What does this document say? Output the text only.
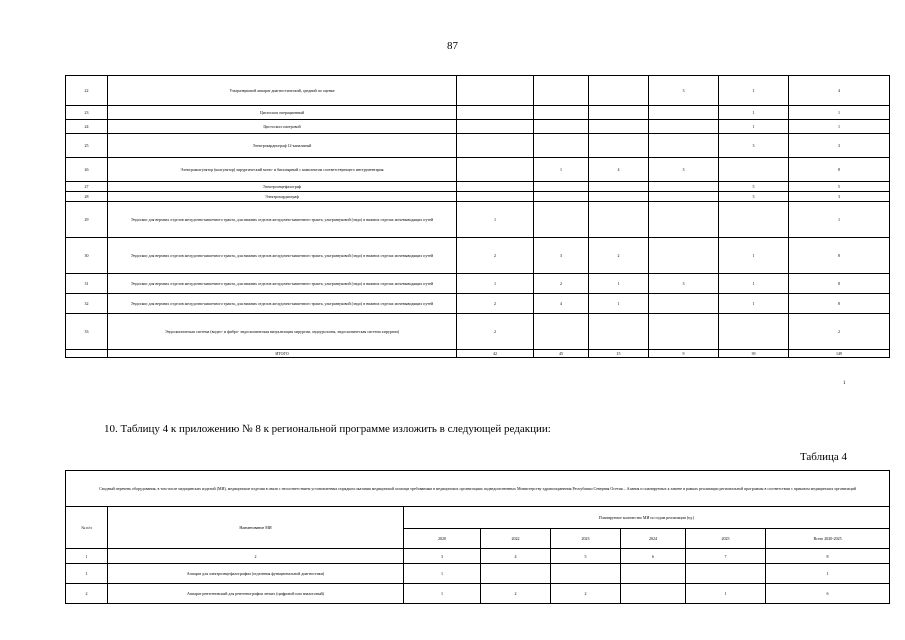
87
22	Ультразвуковой аппарат диагностический, средний по оценке				3	1	4
23	Цистоскоп операционный					1	1
24	Цистоскоп смотровой					1	1
25	Электрокардиограф 12-канальный					3	3
26	Электрокоагулятор (коагулятор) хирургический моно- и биполярный с комплектом соответствующего инструментария		1	4	3		8
27	Электроэнцефалограф					5	5
28	Электрокардиограф					3	3
29	Эндоскоп для верхних отделов желудочно-кишечного тракта, для нижних отделов желудочно-кишечного тракта, ультразвуковой (эндо) в нижних отделах мочевыводящих путей	1					1
30	Эндоскоп для верхних отделов желудочно-кишечного тракта, для нижних отделов желудочно-кишечного тракта, ультразвуковой (эндо) в нижних отделах мочевыводящих путей	2	3	2		1	8
31	Эндоскоп для верхних отделов желудочно-кишечного тракта, для нижних отделов желудочно-кишечного тракта, ультразвуковой (эндо) в нижних отделах мочевыводящих путей	1	2	1	3	1	8
32	Эндоскоп для верхних отделов желудочно-кишечного тракта, для нижних отделов желудочно-кишечного тракта, ультразвуковой (эндо) в нижних отделах мочевыводящих путей	2	4	1		1	8
33	Эндоскопическая система (видео- и фибро- эндоскопическая визуализация хирургии, эндоурология, эндоскопическая система хирургии)	2					2
	ИТОГО	42	45	15	9	39	149
1
10. Таблицу 4 к приложению № 8 к региональной программе изложить в следующей редакции:
Таблица 4
Сводный перечень оборудования, в том числе медицинских изделий (МИ), медицинские изделия в связи с несоответствием установленных порядком оказания медицинской помощи требованиям в медицинских организациях подведомственных Министерству здравоохранения Республики Северная Осетия – Алания и планируемых к замене в рамках реализации региональной программы в соответствии с приказом медицинских организаций								
№ п/п	Наименование МИ	Планируемое количество МИ по годам реализации (ед.)						
		2020	2022	2023	2024	2025	Всего 2020-2025	
1	2	3	4	5	6	7	8	
1	Аппарат для электроэнцефалографии (отделения функциональной диагностики)	1					1	
2	Аппарат рентгеновский для рентгенографии легких (цифровой или аналоговый)	1	2	2		1	6	
